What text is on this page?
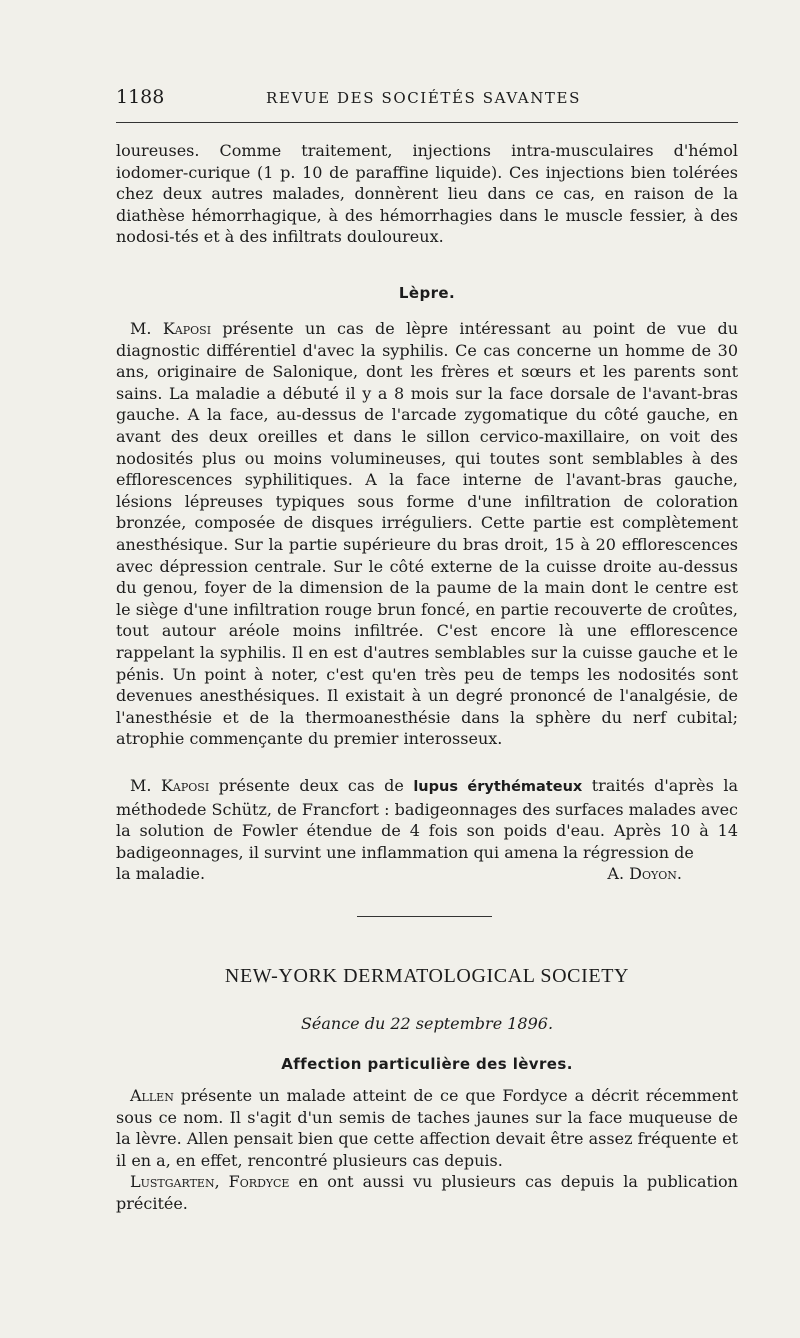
1188	REVUE DES SOCIÉTÉS SAVANTES

loureuses. Comme traitement, injections intra-musculaires d'hémol iodomer-curique (1 p. 10 de paraffine liquide). Ces injections bien tolérées chez deux autres malades, donnèrent lieu dans ce cas, en raison de la diathèse hémorrhagique, à des hémorrhagies dans le muscle fessier, à des nodosi-tés et à des infiltrats douloureux.

Lèpre.

M. Kaposi présente un cas de lèpre intéressant au point de vue du diagnostic différentiel d'avec la syphilis. Ce cas concerne un homme de 30 ans, originaire de Salonique, dont les frères et sœurs et les parents sont sains. La maladie a débuté il y a 8 mois sur la face dorsale de l'avant-bras gauche. A la face, au-dessus de l'arcade zygomatique du côté gauche, en avant des deux oreilles et dans le sillon cervico-maxillaire, on voit des nodosités plus ou moins volumineuses, qui toutes sont semblables à des efflorescences syphilitiques. A la face interne de l'avant-bras gauche, lésions lépreuses typiques sous forme d'une infiltration de coloration bronzée, composée de disques irréguliers. Cette partie est complètement anesthésique. Sur la partie supérieure du bras droit, 15 à 20 efflorescences avec dépression centrale. Sur le côté externe de la cuisse droite au-dessus du genou, foyer de la dimension de la paume de la main dont le centre est le siège d'une infiltration rouge brun foncé, en partie recouverte de croûtes, tout autour aréole moins infiltrée. C'est encore là une efflorescence rappelant la syphilis. Il en est d'autres semblables sur la cuisse gauche et le pénis. Un point à noter, c'est qu'en très peu de temps les nodosités sont devenues anesthésiques. Il existait à un degré prononcé de l'analgésie, de l'anesthésie et de la thermoanesthésie dans la sphère du nerf cubital; atrophie commençante du premier interosseux.

M. Kaposi présente deux cas de lupus érythémateux traités d'après la méthodede Schütz, de Francfort : badigeonnages des surfaces malades avec la solution de Fowler étendue de 4 fois son poids d'eau. Après 10 à 14 badigeonnages, il survint une inflammation qui amena la régression de

la maladie.	A. Doyon.
NEW-YORK DERMATOLOGICAL SOCIETY
Séance du 22 septembre 1896.
Affection particulière des lèvres.

Allen présente un malade atteint de ce que Fordyce a décrit récemment sous ce nom. Il s'agit d'un semis de taches jaunes sur la face muqueuse de la lèvre. Allen pensait bien que cette affection devait être assez fréquente et il en a, en effet, rencontré plusieurs cas depuis.

Lustgarten, Fordyce en ont aussi vu plusieurs cas depuis la publication précitée.
